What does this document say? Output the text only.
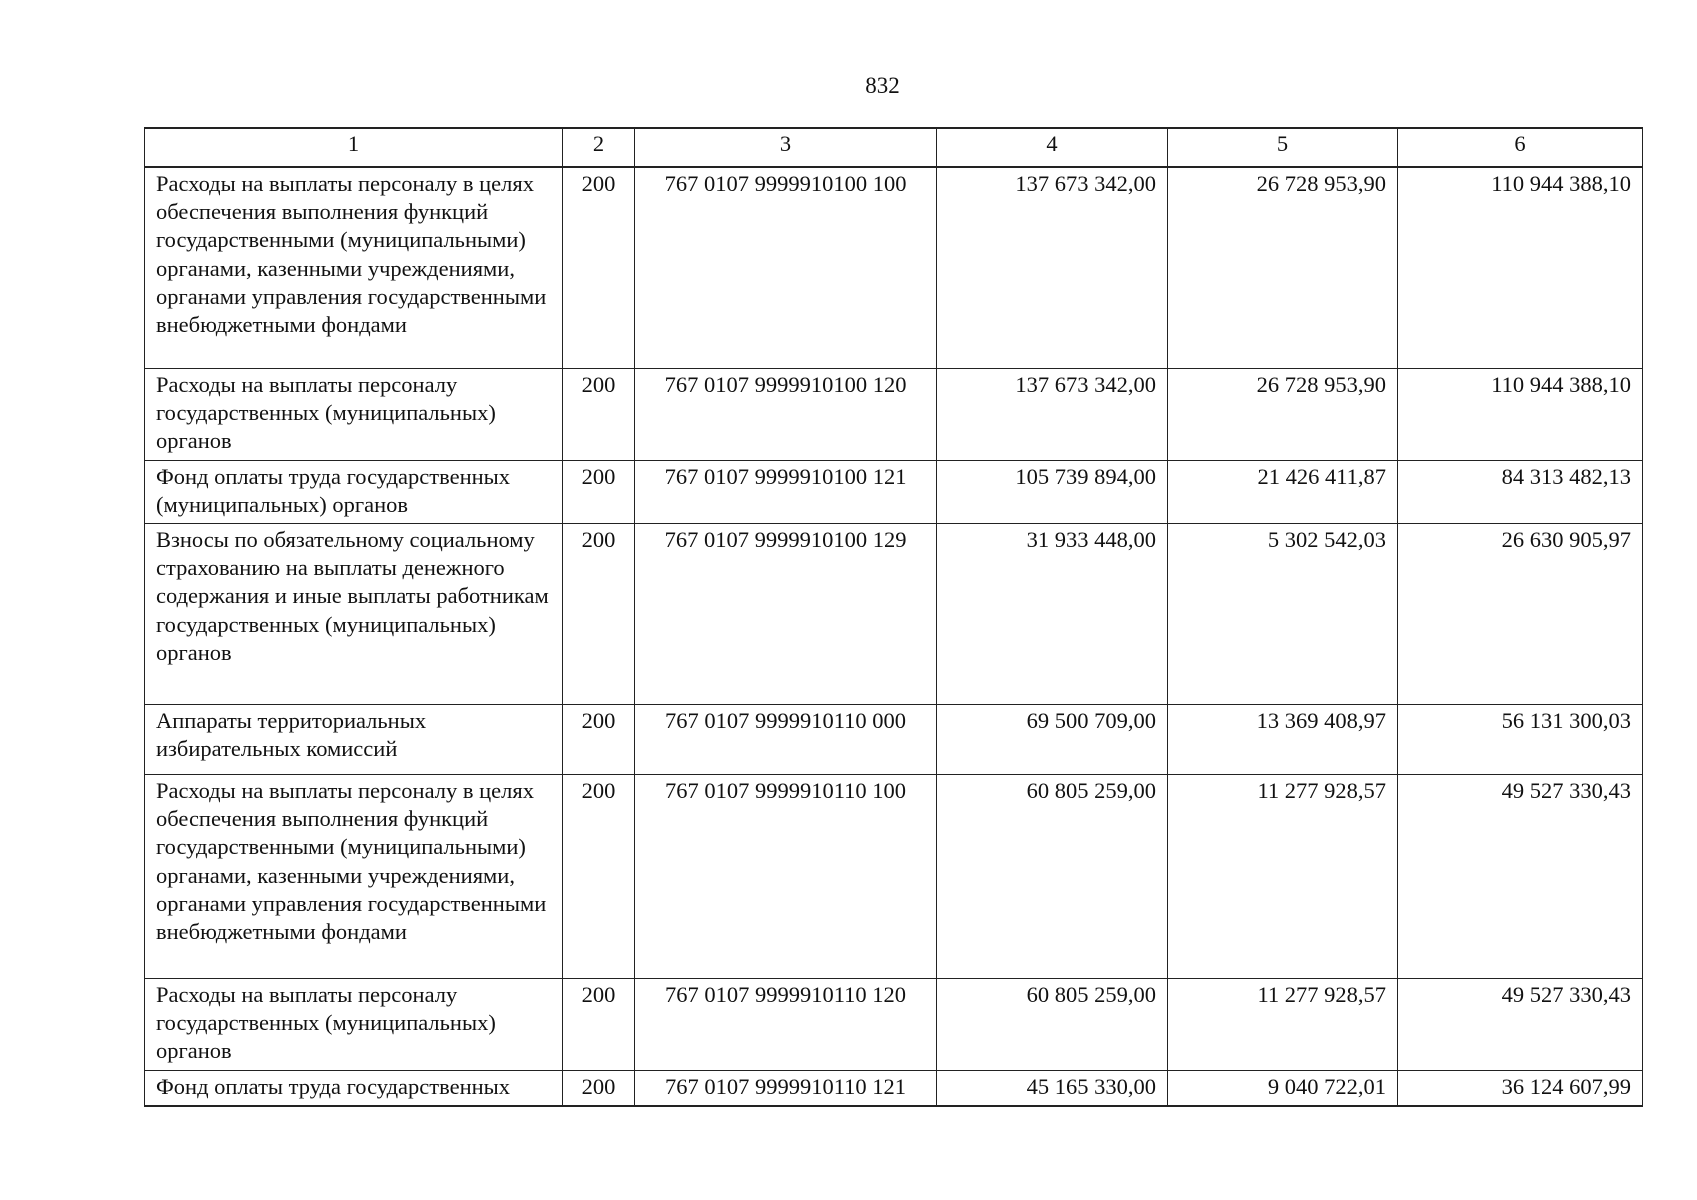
832
1	2	3	4	5	6
Расходы на выплаты персоналу в целях обеспечения выполнения функций государственными (муниципальными) органами, казенными учреждениями, органами управления государственными внебюджетными фондами	200	767 0107 9999910100 100	137 673 342,00	26 728 953,90	110 944 388,10
Расходы на выплаты персоналу государственных (муниципальных) органов	200	767 0107 9999910100 120	137 673 342,00	26 728 953,90	110 944 388,10
Фонд оплаты труда государственных (муниципальных) органов	200	767 0107 9999910100 121	105 739 894,00	21 426 411,87	84 313 482,13
Взносы по обязательному социальному страхованию на выплаты денежного содержания и иные выплаты работникам государственных (муниципальных) органов	200	767 0107 9999910100 129	31 933 448,00	5 302 542,03	26 630 905,97
Аппараты территориальных избирательных комиссий	200	767 0107 9999910110 000	69 500 709,00	13 369 408,97	56 131 300,03
Расходы на выплаты персоналу в целях обеспечения выполнения функций государственными (муниципальными) органами, казенными учреждениями, органами управления государственными внебюджетными фондами	200	767 0107 9999910110 100	60 805 259,00	11 277 928,57	49 527 330,43
Расходы на выплаты персоналу государственных (муниципальных) органов	200	767 0107 9999910110 120	60 805 259,00	11 277 928,57	49 527 330,43
Фонд оплаты труда государственных	200	767 0107 9999910110 121	45 165 330,00	9 040 722,01	36 124 607,99
